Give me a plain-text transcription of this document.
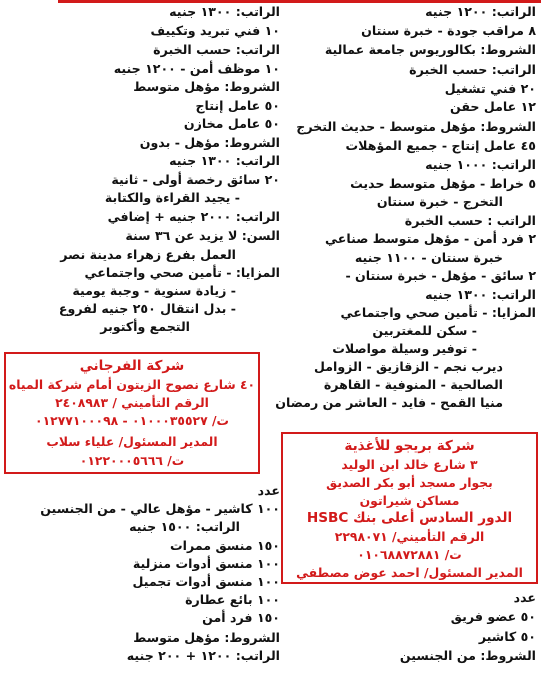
الراتب: ١٢٠٠ جنيه
٨ مراقب جودة - خبرة سنتان
الشروط: بكالوريوس جامعة عمالية
الراتب: حسب الخبرة
٢٠ فني تشغيل
١٢ عامل حقن
الشروط: مؤهل متوسط - حديث التخرج
٤٥ عامل إنتاج - جميع المؤهلات
الراتب: ١٠٠٠ جنيه
٥ خراط - مؤهل متوسط حديث
التخرج - خبرة سنتان
الراتب : حسب الخبرة
٢ فرد أمن - مؤهل متوسط صناعي
خبرة سنتان - ١١٠٠ جنيه
٢ سائق - مؤهل - خبرة سنتان -
الراتب: ١٣٠٠ جنيه
المزايا: - تأمين صحي واجتماعي
- سكن للمغتربين
- توفير وسيلة مواصلات
ديرب نجم - الزقازيق - الزوامل
الصالحية - المنوفية - القاهرة
منيا القمح - فايد - العاشر من رمضان
الراتب: ١٣٠٠ جنيه
١٠ فني تبريد وتكييف
الراتب: حسب الخبرة
١٠ موظف أمن - ١٢٠٠ جنيه
الشروط: مؤهل متوسط
٥٠ عامل إنتاج
٥٠ عامل مخازن
الشروط: مؤهل - بدون
الراتب: ١٣٠٠ جنيه
٢٠ سائق رخصة أولى - ثانية
- يجيد القراءة والكتابة
الراتب: ٢٠٠٠ جنيه + إضافي
السن: لا يزيد عن ٣٦ سنة
العمل بفرع زهراء مدينة نصر
المزايا: - تأمين صحي واجتماعي
- زيادة سنوية - وجبة يومية
- بدل انتقال ٢٥٠ جنيه لفروع
التجمع وأكتوبر
شركة الفرجاني
٤٠ شارع نصوح الزيتون أمام شركة المياه
الرقم التأميني / ٢٤٠٨٩٨٣
ت/ ٠١٠٠٠٣٥٥٢٧ - ٠١٢٧٧١٠٠٠٩٨
المدير المسئول/ علياء سلاب
ت/ ٠١٢٢٠٠٠٥٦٦٦
شركة بريجو للأغذية
٣ شارع خالد ابن الوليد
بجوار مسجد أبو بكر الصديق
مساكن شيراتون
الدور السادس أعلى بنك HSBC
الرقم التأميني/ ٢٢٩٨٠٧١
ت/ ٠١٠٦٨٨٧٢٨٨١
المدير المسئول/ احمد عوض مصطفي
عدد
١٠٠ كاشير - مؤهل عالي - من الجنسين
الراتب: ١٥٠٠ جنيه
١٥٠ منسق ممرات
١٠٠ منسق أدوات منزلية
١٠٠ منسق أدوات تجميل
١٠٠ بائع عطارة
١٥٠ فرد أمن
الشروط: مؤهل متوسط
الراتب: ١٢٠٠ + ٢٠٠ جنيه
عدد
٥٠ عضو فريق
٥٠ كاشير
الشروط: من الجنسين
